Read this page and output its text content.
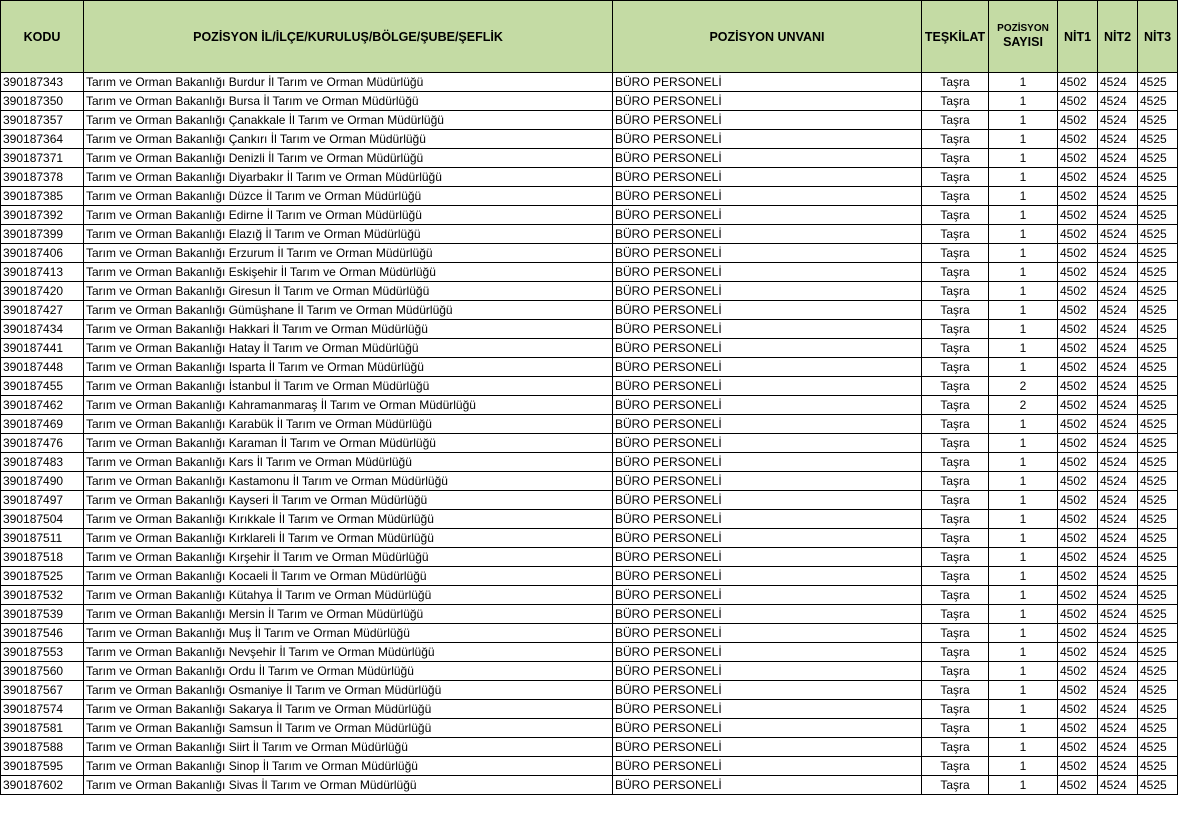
KODU	POZİSYON İL/İLÇE/KURULUŞ/BÖLGE/ŞUBE/ŞEFLİK	POZİSYON UNVANI	TEŞKİLAT	POZİSYON
SAYISI	NİT1	NİT2	NİT3
390187343	Tarım ve Orman Bakanlığı Burdur İl Tarım ve Orman Müdürlüğü	BÜRO PERSONELİ	Taşra	1	4502	4524	4525
390187350	Tarım ve Orman Bakanlığı Bursa İl Tarım ve Orman Müdürlüğü	BÜRO PERSONELİ	Taşra	1	4502	4524	4525
390187357	Tarım ve Orman Bakanlığı Çanakkale İl Tarım ve Orman Müdürlüğü	BÜRO PERSONELİ	Taşra	1	4502	4524	4525
390187364	Tarım ve Orman Bakanlığı Çankırı İl Tarım ve Orman Müdürlüğü	BÜRO PERSONELİ	Taşra	1	4502	4524	4525
390187371	Tarım ve Orman Bakanlığı Denizli İl Tarım ve Orman Müdürlüğü	BÜRO PERSONELİ	Taşra	1	4502	4524	4525
390187378	Tarım ve Orman Bakanlığı Diyarbakır İl Tarım ve Orman Müdürlüğü	BÜRO PERSONELİ	Taşra	1	4502	4524	4525
390187385	Tarım ve Orman Bakanlığı Düzce İl Tarım ve Orman Müdürlüğü	BÜRO PERSONELİ	Taşra	1	4502	4524	4525
390187392	Tarım ve Orman Bakanlığı Edirne İl Tarım ve Orman Müdürlüğü	BÜRO PERSONELİ	Taşra	1	4502	4524	4525
390187399	Tarım ve Orman Bakanlığı Elazığ İl Tarım ve Orman Müdürlüğü	BÜRO PERSONELİ	Taşra	1	4502	4524	4525
390187406	Tarım ve Orman Bakanlığı Erzurum İl Tarım ve Orman Müdürlüğü	BÜRO PERSONELİ	Taşra	1	4502	4524	4525
390187413	Tarım ve Orman Bakanlığı Eskişehir İl Tarım ve Orman Müdürlüğü	BÜRO PERSONELİ	Taşra	1	4502	4524	4525
390187420	Tarım ve Orman Bakanlığı Giresun İl Tarım ve Orman Müdürlüğü	BÜRO PERSONELİ	Taşra	1	4502	4524	4525
390187427	Tarım ve Orman Bakanlığı Gümüşhane İl Tarım ve Orman Müdürlüğü	BÜRO PERSONELİ	Taşra	1	4502	4524	4525
390187434	Tarım ve Orman Bakanlığı Hakkari İl Tarım ve Orman Müdürlüğü	BÜRO PERSONELİ	Taşra	1	4502	4524	4525
390187441	Tarım ve Orman Bakanlığı Hatay İl Tarım ve Orman Müdürlüğü	BÜRO PERSONELİ	Taşra	1	4502	4524	4525
390187448	Tarım ve Orman Bakanlığı Isparta İl Tarım ve Orman Müdürlüğü	BÜRO PERSONELİ	Taşra	1	4502	4524	4525
390187455	Tarım ve Orman Bakanlığı İstanbul İl Tarım ve Orman Müdürlüğü	BÜRO PERSONELİ	Taşra	2	4502	4524	4525
390187462	Tarım ve Orman Bakanlığı Kahramanmaraş İl Tarım ve Orman Müdürlüğü	BÜRO PERSONELİ	Taşra	2	4502	4524	4525
390187469	Tarım ve Orman Bakanlığı Karabük İl Tarım ve Orman Müdürlüğü	BÜRO PERSONELİ	Taşra	1	4502	4524	4525
390187476	Tarım ve Orman Bakanlığı Karaman İl Tarım ve Orman Müdürlüğü	BÜRO PERSONELİ	Taşra	1	4502	4524	4525
390187483	Tarım ve Orman Bakanlığı Kars İl Tarım ve Orman Müdürlüğü	BÜRO PERSONELİ	Taşra	1	4502	4524	4525
390187490	Tarım ve Orman Bakanlığı Kastamonu İl Tarım ve Orman Müdürlüğü	BÜRO PERSONELİ	Taşra	1	4502	4524	4525
390187497	Tarım ve Orman Bakanlığı Kayseri İl Tarım ve Orman Müdürlüğü	BÜRO PERSONELİ	Taşra	1	4502	4524	4525
390187504	Tarım ve Orman Bakanlığı Kırıkkale İl Tarım ve Orman Müdürlüğü	BÜRO PERSONELİ	Taşra	1	4502	4524	4525
390187511	Tarım ve Orman Bakanlığı Kırklareli İl Tarım ve Orman Müdürlüğü	BÜRO PERSONELİ	Taşra	1	4502	4524	4525
390187518	Tarım ve Orman Bakanlığı Kırşehir İl Tarım ve Orman Müdürlüğü	BÜRO PERSONELİ	Taşra	1	4502	4524	4525
390187525	Tarım ve Orman Bakanlığı Kocaeli İl Tarım ve Orman Müdürlüğü	BÜRO PERSONELİ	Taşra	1	4502	4524	4525
390187532	Tarım ve Orman Bakanlığı Kütahya İl Tarım ve Orman Müdürlüğü	BÜRO PERSONELİ	Taşra	1	4502	4524	4525
390187539	Tarım ve Orman Bakanlığı Mersin İl Tarım ve Orman Müdürlüğü	BÜRO PERSONELİ	Taşra	1	4502	4524	4525
390187546	Tarım ve Orman Bakanlığı Muş İl Tarım ve Orman Müdürlüğü	BÜRO PERSONELİ	Taşra	1	4502	4524	4525
390187553	Tarım ve Orman Bakanlığı Nevşehir İl Tarım ve Orman Müdürlüğü	BÜRO PERSONELİ	Taşra	1	4502	4524	4525
390187560	Tarım ve Orman Bakanlığı Ordu İl Tarım ve Orman Müdürlüğü	BÜRO PERSONELİ	Taşra	1	4502	4524	4525
390187567	Tarım ve Orman Bakanlığı Osmaniye İl Tarım ve Orman Müdürlüğü	BÜRO PERSONELİ	Taşra	1	4502	4524	4525
390187574	Tarım ve Orman Bakanlığı Sakarya İl Tarım ve Orman Müdürlüğü	BÜRO PERSONELİ	Taşra	1	4502	4524	4525
390187581	Tarım ve Orman Bakanlığı Samsun İl Tarım ve Orman Müdürlüğü	BÜRO PERSONELİ	Taşra	1	4502	4524	4525
390187588	Tarım ve Orman Bakanlığı Siirt İl Tarım ve Orman Müdürlüğü	BÜRO PERSONELİ	Taşra	1	4502	4524	4525
390187595	Tarım ve Orman Bakanlığı Sinop İl Tarım ve Orman Müdürlüğü	BÜRO PERSONELİ	Taşra	1	4502	4524	4525
390187602	Tarım ve Orman Bakanlığı Sivas İl Tarım ve Orman Müdürlüğü	BÜRO PERSONELİ	Taşra	1	4502	4524	4525
